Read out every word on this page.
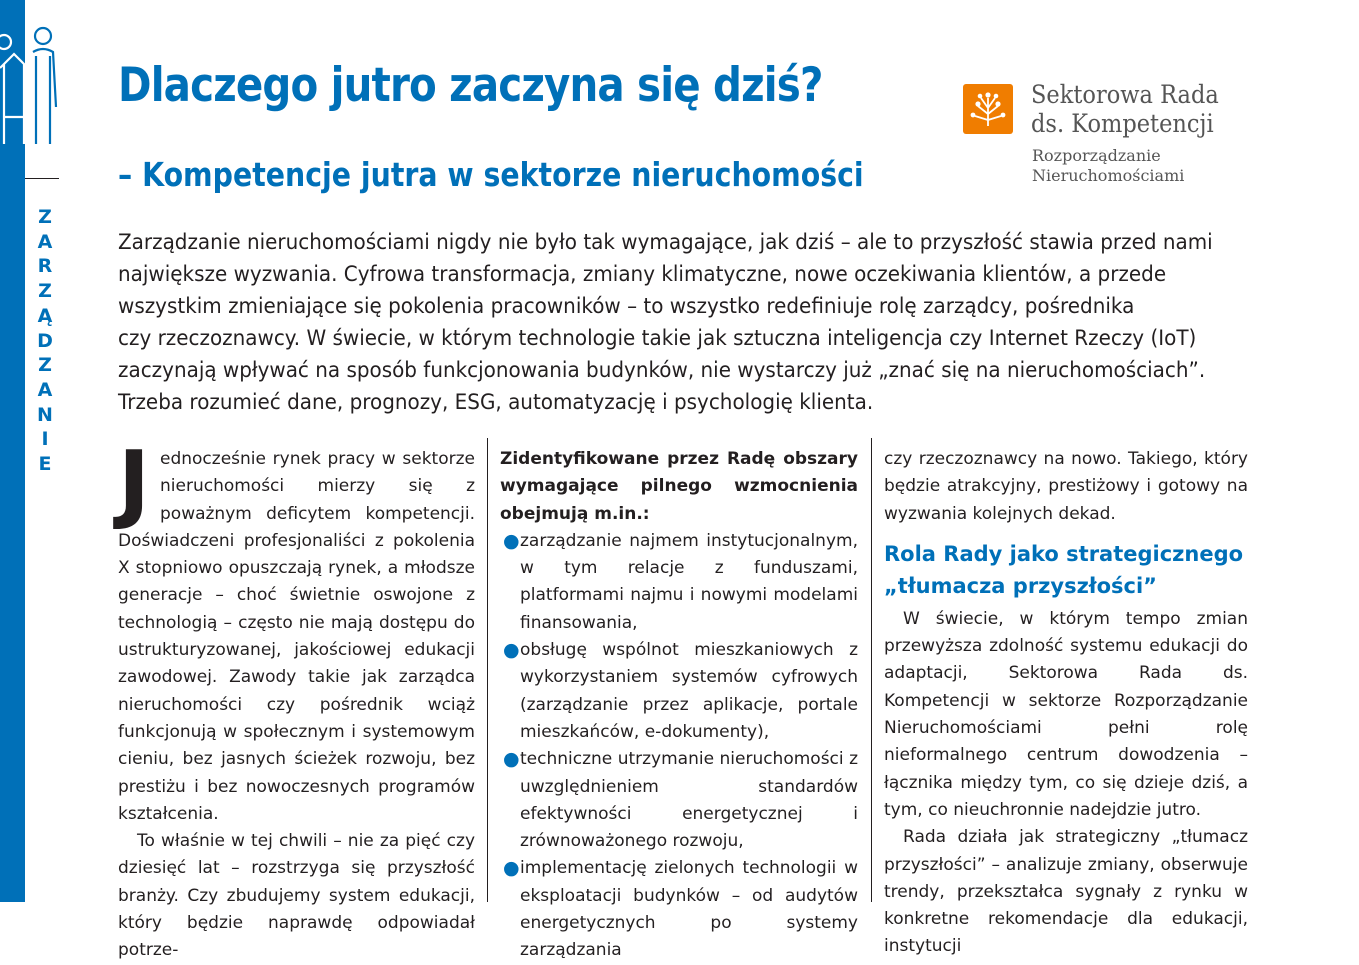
Z
A
R
Z
Ą
D
Z
A
N
I
E
Dlaczego jutro zaczyna się dziś?
– Kompetencje jutra w sektorze nieruchomości
Sektorowa Rada
ds. Kompetencji
Rozporządzanie
Nieruchomościami

Zarządzanie nieruchomościami nigdy nie było tak wymagające, jak dziś – ale to przyszłość stawia przed nami
największe wyzwania. Cyfrowa transformacja, zmiany klimatyczne, nowe oczekiwania klientów, a przede
wszystkim zmieniające się pokolenia pracowników – to wszystko redefiniuje rolę zarządcy, pośrednika
czy rzeczoznawcy. W świecie, w którym technologie takie jak sztuczna inteligencja czy Internet Rzeczy (IoT)
zaczynają wpływać na sposób funkcjonowania budynków, nie wystarczy już „znać się na nieruchomościach”.
Trzeba rozumieć dane, prognozy, ESG, automatyzację i psychologię klienta.

Jednocześnie rynek pracy w sektorze nieruchomości mierzy się z poważnym deficytem kompetencji. Doświadczeni profesjonaliści z pokolenia X stopniowo opuszczają rynek, a młodsze generacje – choć świetnie oswojone z technologią – często nie mają dostępu do ustrukturyzowanej, jakościowej edukacji zawodowej. Zawody takie jak zarządca nieruchomości czy pośrednik wciąż funkcjonują w społecznym i systemowym cieniu, bez jasnych ścieżek rozwoju, bez prestiżu i bez nowoczesnych programów kształcenia.

To właśnie w tej chwili – nie za pięć czy dziesięć lat – rozstrzyga się przyszłość branży. Czy zbudujemy system edukacji, który będzie naprawdę odpowiadał potrze-

Zidentyfikowane przez Radę obszary wymagające pilnego wzmocnienia obejmują m.in.:

● zarządzanie najmem instytucjonalnym, w tym relacje z funduszami, platformami najmu i nowymi modelami finansowania,
● obsługę wspólnot mieszkaniowych z wykorzystaniem systemów cyfrowych (zarządzanie przez aplikacje, portale mieszkańców, e-dokumenty),
● techniczne utrzymanie nieruchomości z uwzględnieniem standardów efektywności energetycznej i zrównoważonego rozwoju,
● implementację zielonych technologii w eksploatacji budynków – od audytów energetycznych po systemy zarządzania

czy rzeczoznawcy na nowo. Takiego, który będzie atrakcyjny, prestiżowy i gotowy na wyzwania kolejnych dekad.

Rola Rady jako strategicznego „tłumacza przyszłości”

W świecie, w którym tempo zmian przewyższa zdolność systemu edukacji do adaptacji, Sektorowa Rada ds. Kompetencji w sektorze Rozporządzanie Nieruchomościami pełni rolę nieformalnego centrum dowodzenia – łącznika między tym, co się dzieje dziś, a tym, co nieuchronnie nadejdzie jutro.

Rada działa jak strategiczny „tłumacz przyszłości” – analizuje zmiany, obserwuje trendy, przekształca sygnały z rynku w konkretne rekomendacje dla edukacji, instytucji
